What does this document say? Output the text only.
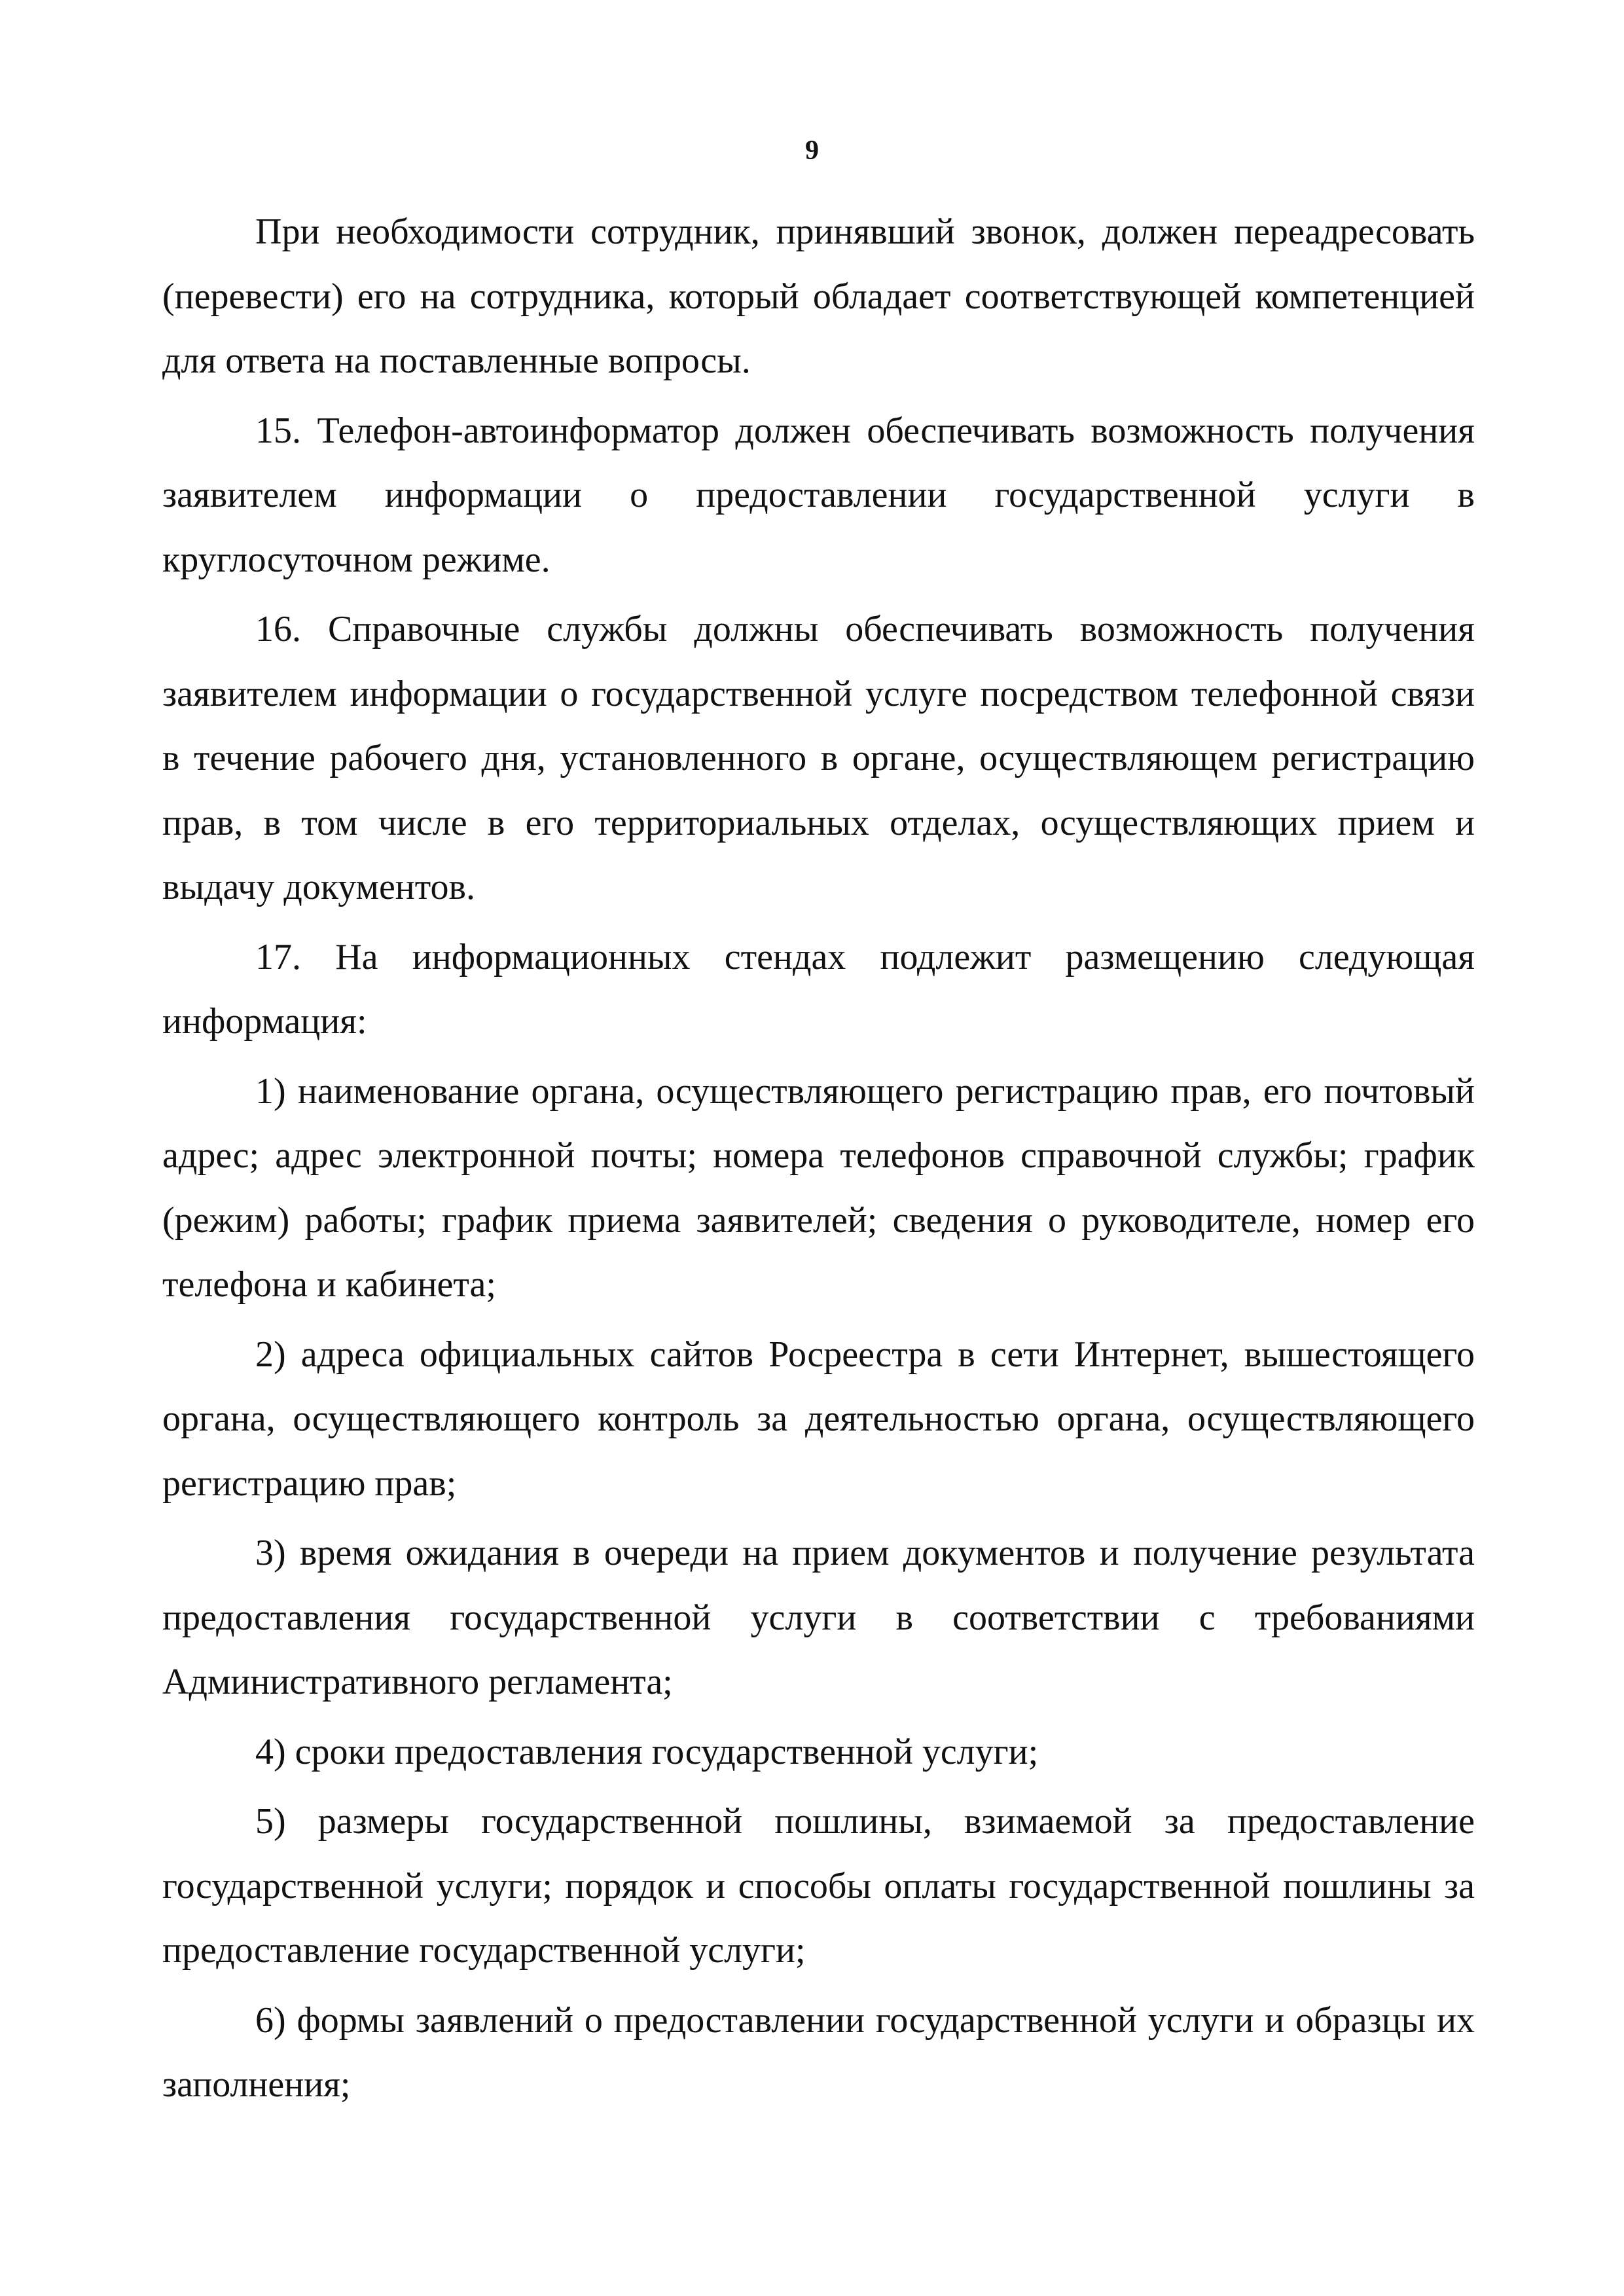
9

При необходимости сотрудник, принявший звонок, должен переадресовать (перевести) его на сотрудника, который обладает соответствующей компетенцией для ответа на поставленные вопросы.

15. Телефон-автоинформатор должен обеспечивать возможность получения заявителем информации о предоставлении государственной услуги в круглосуточном режиме.

16. Справочные службы должны обеспечивать возможность получения заявителем информации о государственной услуге посредством телефонной связи в течение рабочего дня, установленного в органе, осуществляющем регистрацию прав, в том числе в его территориальных отделах, осуществляющих прием и выдачу документов.

17. На информационных стендах подлежит размещению следующая информация:

1) наименование органа, осуществляющего регистрацию прав, его почтовый адрес; адрес электронной почты; номера телефонов справочной службы; график (режим) работы; график приема заявителей; сведения о руководителе, номер его телефона и кабинета;

2) адреса официальных сайтов Росреестра в сети Интернет, вышестоящего органа, осуществляющего контроль за деятельностью органа, осуществляющего регистрацию прав;

3) время ожидания в очереди на прием документов и получение результата предоставления государственной услуги в соответствии с требованиями Административного регламента;

4) сроки предоставления государственной услуги;

5) размеры государственной пошлины, взимаемой за предоставление государственной услуги; порядок и способы оплаты государственной пошлины за предоставление государственной услуги;

6) формы заявлений о предоставлении государственной услуги и образцы их заполнения;
